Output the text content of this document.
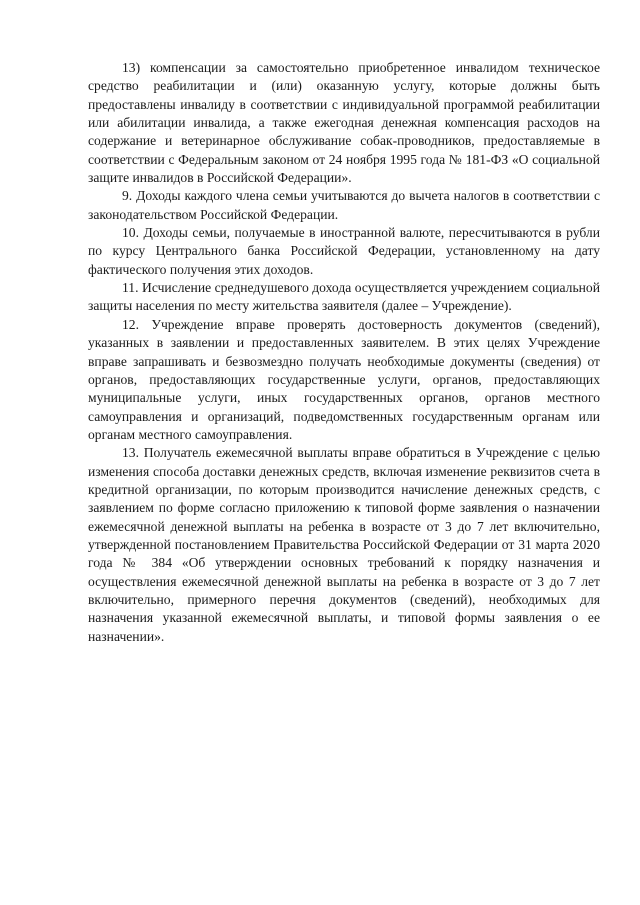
13) компенсации за самостоятельно приобретенное инвалидом техническое средство реабилитации и (или) оказанную услугу, которые должны быть предоставлены инвалиду в соответствии с индивидуальной программой реабилитации или абилитации инвалида, а также ежегодная денежная компенсация расходов на содержание и ветеринарное обслуживание собак-проводников, предоставляемые в соответствии с Федеральным законом от 24 ноября 1995 года № 181-ФЗ «О социальной защите инвалидов в Российской Федерации».

9. Доходы каждого члена семьи учитываются до вычета налогов в соответствии с законодательством Российской Федерации.

10. Доходы семьи, получаемые в иностранной валюте, пересчитываются в рубли по курсу Центрального банка Российской Федерации, установленному на дату фактического получения этих доходов.

11. Исчисление среднедушевого дохода осуществляется учреждением социальной защиты населения по месту жительства заявителя (далее – Учреждение).

12. Учреждение вправе проверять достоверность документов (сведений), указанных в заявлении и предоставленных заявителем. В этих целях Учреждение вправе запрашивать и безвозмездно получать необходимые документы (сведения) от органов, предоставляющих государственные услуги, органов, предоставляющих муниципальные услуги, иных государственных органов, органов местного самоуправления и организаций, подведомственных государственным органам или органам местного самоуправления.

13. Получатель ежемесячной выплаты вправе обратиться в Учреждение с целью изменения способа доставки денежных средств, включая изменение реквизитов счета в кредитной организации, по которым производится начисление денежных средств, с заявлением по форме согласно приложению к типовой форме заявления о назначении ежемесячной денежной выплаты на ребенка в возрасте от 3 до 7 лет включительно, утвержденной постановлением Правительства Российской Федерации от 31 марта 2020 года № 384 «Об утверждении основных требований к порядку назначения и осуществления ежемесячной денежной выплаты на ребенка в возрасте от 3 до 7 лет включительно, примерного перечня документов (сведений), необходимых для назначения указанной ежемесячной выплаты, и типовой формы заявления о ее назначении».
